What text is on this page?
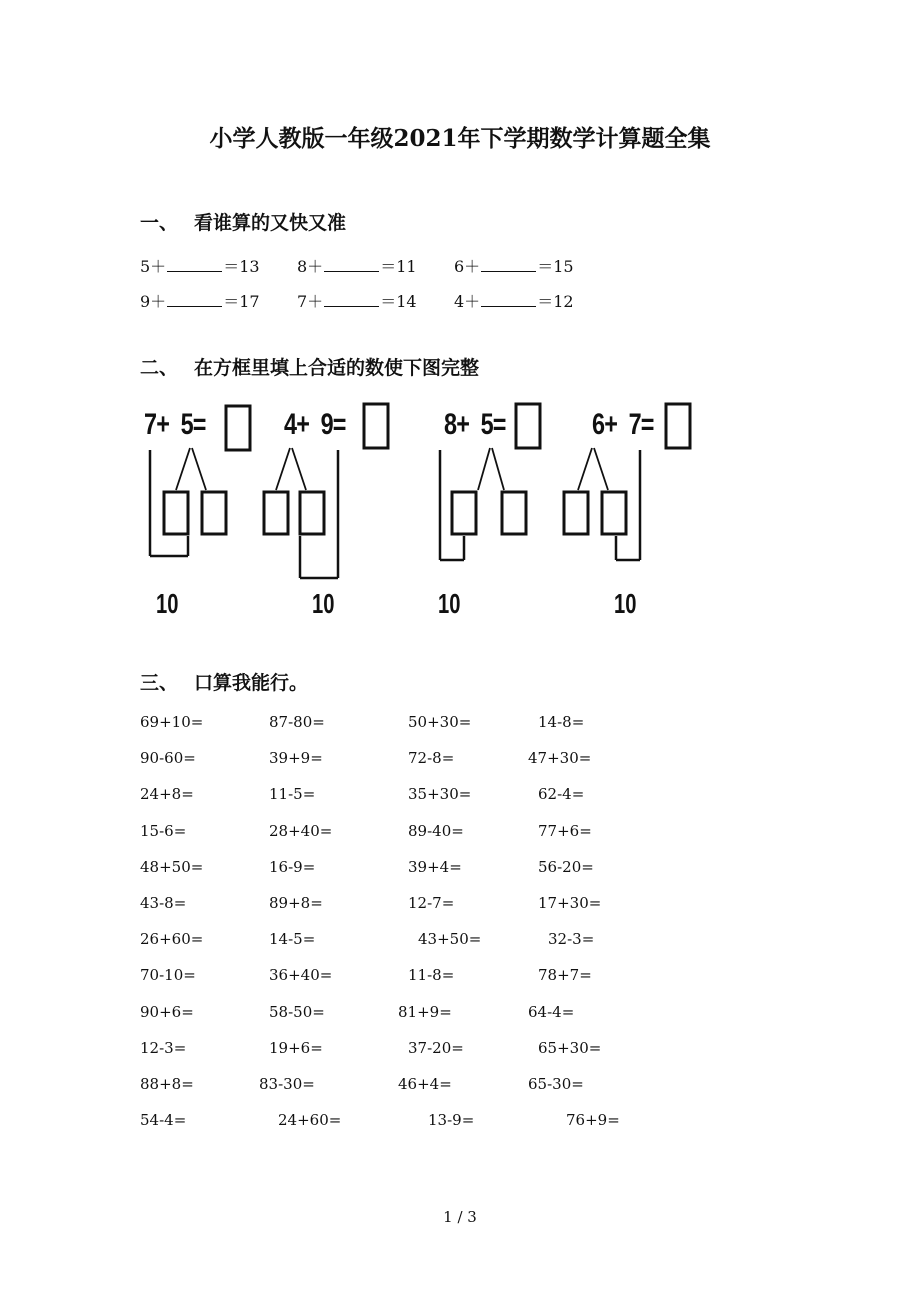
小学人教版一年级2021年下学期数学计算题全集
一、 看谁算的又快又准
5＋	＝13 8＋	＝11 6＋	＝15
9＋	＝17 7＋	＝14 4＋	＝12
二、 在方框里填上合适的数使下图完整
7+ 5=
10
4+ 9=
10
8+ 5=
10
6+ 7=
10
三、 口算我能行。
69+10=	87-80=	50+30=	14-8=
90-60=	39+9=	72-8=	47+30=
24+8=	11-5=	35+30=	62-4=
15-6=	28+40=	89-40=	77+6=
48+50=	16-9=	39+4=	56-20=
43-8=	89+8=	12-7=	17+30=
26+60=	14-5=	43+50=	32-3=
70-10=	36+40=	11-8=	78+7=
90+6=	58-50=	81+9=	64-4=
12-3=	19+6=	37-20=	65+30=
88+8=	83-30=	46+4=	65-30=
54-4=	24+60=	13-9=	76+9=
1 / 3
